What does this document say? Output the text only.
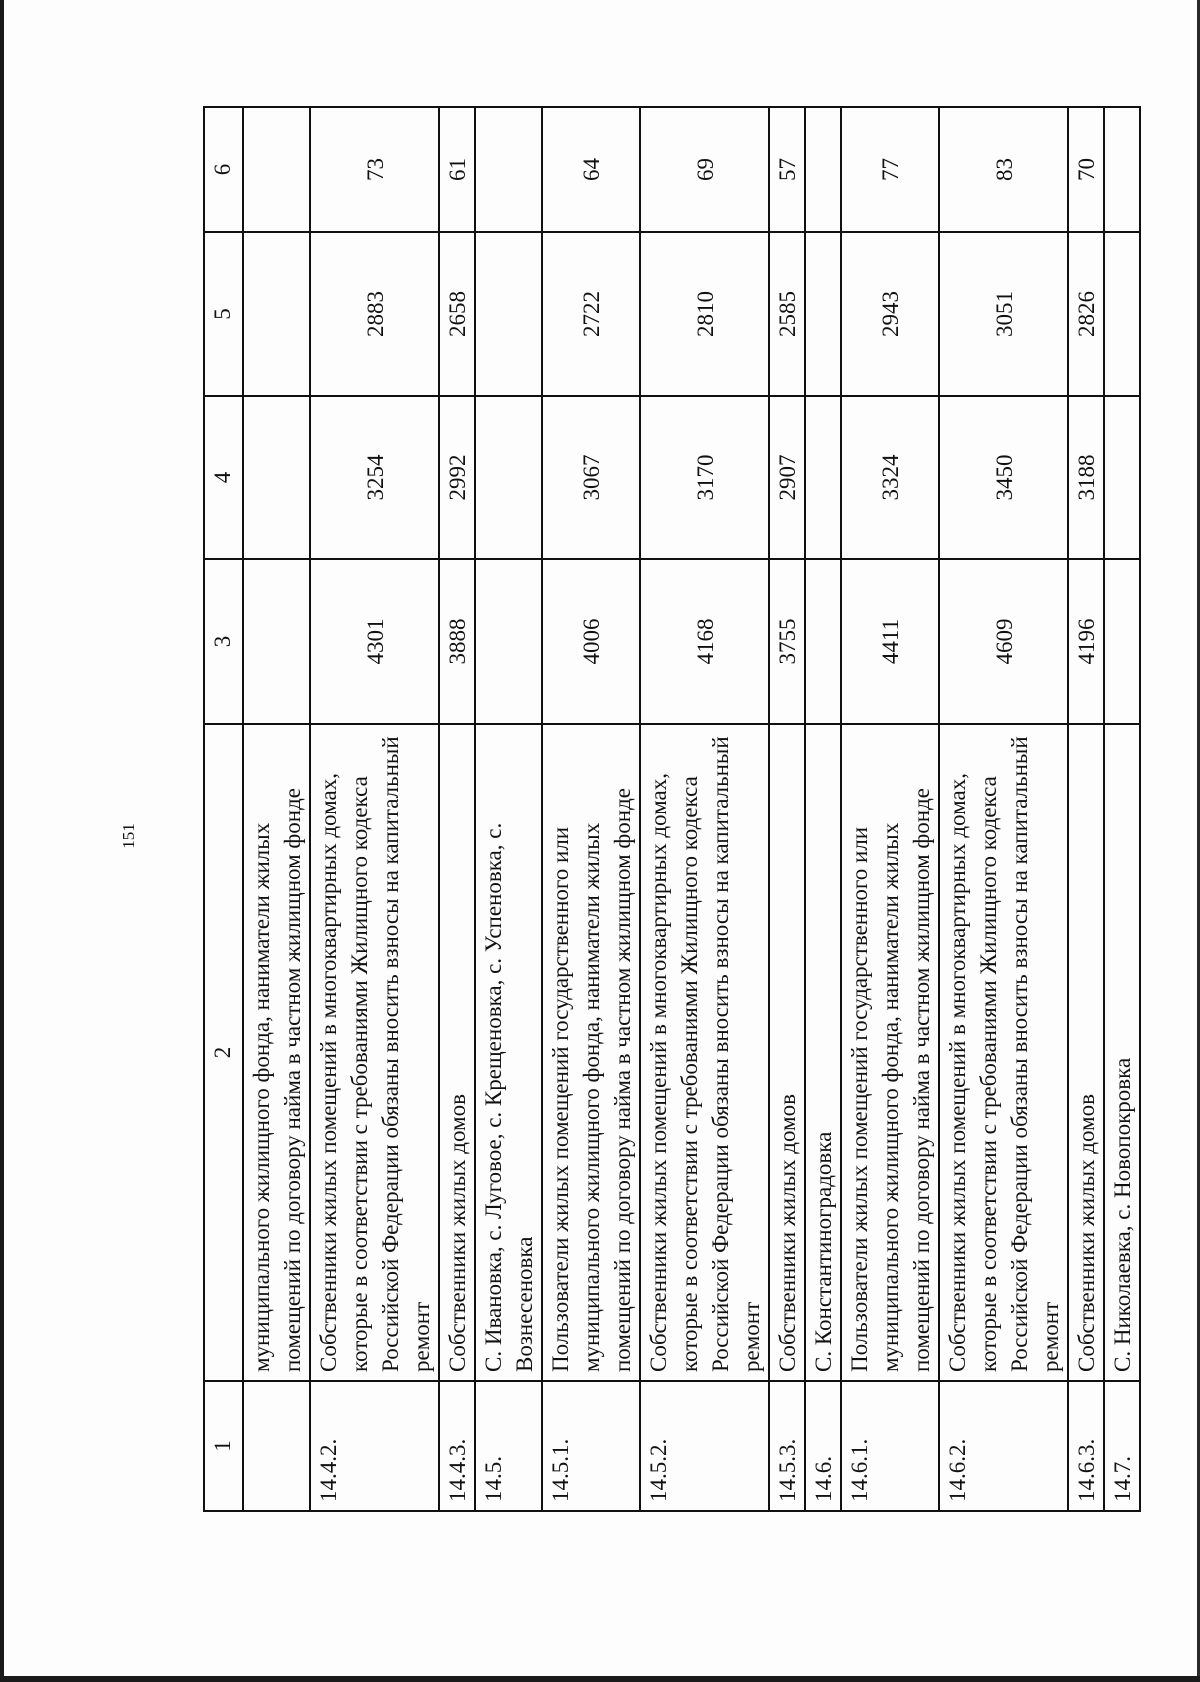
151
1	2	3	4	5	6
	муниципального жилищного фонда, наниматели жилых помещений по договору найма в частном жилищном фонде				
14.4.2.	Собственники жилых помещений в многоквартирных домах, которые в соответствии с требованиями Жилищного кодекса Российской Федерации обязаны вносить взносы на капитальный ремонт	4301	3254	2883	73
14.4.3.	Собственники жилых домов	3888	2992	2658	61
14.5.	С. Ивановка, с. Луговое, с. Крещеновка, с. Успеновка, с. Вознесеновка				
14.5.1.	Пользователи жилых помещений государственного или муниципального жилищного фонда, наниматели жилых помещений по договору найма в частном жилищном фонде	4006	3067	2722	64
14.5.2.	Собственники жилых помещений в многоквартирных домах, которые в соответствии с требованиями Жилищного кодекса Российской Федерации обязаны вносить взносы на капитальный ремонт	4168	3170	2810	69
14.5.3.	Собственники жилых домов	3755	2907	2585	57
14.6.	С. Константиноградовка				
14.6.1.	Пользователи жилых помещений государственного или муниципального жилищного фонда, наниматели жилых помещений по договору найма в частном жилищном фонде	4411	3324	2943	77
14.6.2.	Собственники жилых помещений в многоквартирных домах, которые в соответствии с требованиями Жилищного кодекса Российской Федерации обязаны вносить взносы на капитальный ремонт	4609	3450	3051	83
14.6.3.	Собственники жилых домов	4196	3188	2826	70
14.7.	С. Николаевка, с. Новопокровка				
